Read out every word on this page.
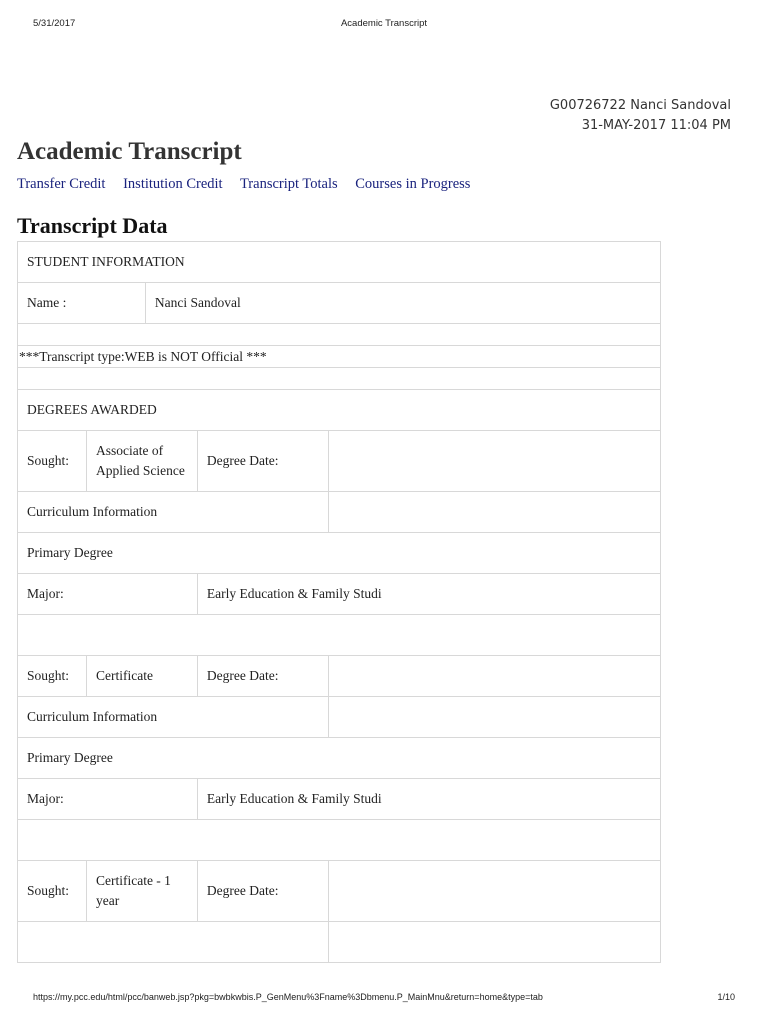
5/31/2017	Academic Transcript
G00726722 Nanci Sandoval
31-MAY-2017 11:04 PM
Academic Transcript
Transfer Credit Institution Credit Transcript Totals Courses in Progress
Transcript Data
STUDENT INFORMATION				
Name :		Nanci Sandoval		

***Transcript type:WEB is NOT Official ***				

DEGREES AWARDED				
Sought:	Associate of Applied Science		Degree Date:	
Curriculum Information				
Primary Degree				
Major:			Early Education & Family Studi	

Sought:	Certificate		Degree Date:	
Curriculum Information				
Primary Degree				
Major:			Early Education & Family Studi	

Sought:	Certificate - 1 year		Degree Date:	

https://my.pcc.edu/html/pcc/banweb.jsp?pkg=bwbkwbis.P_GenMenu%3Fname%3Dbmenu.P_MainMnu&return=home&type=tab	1/10
